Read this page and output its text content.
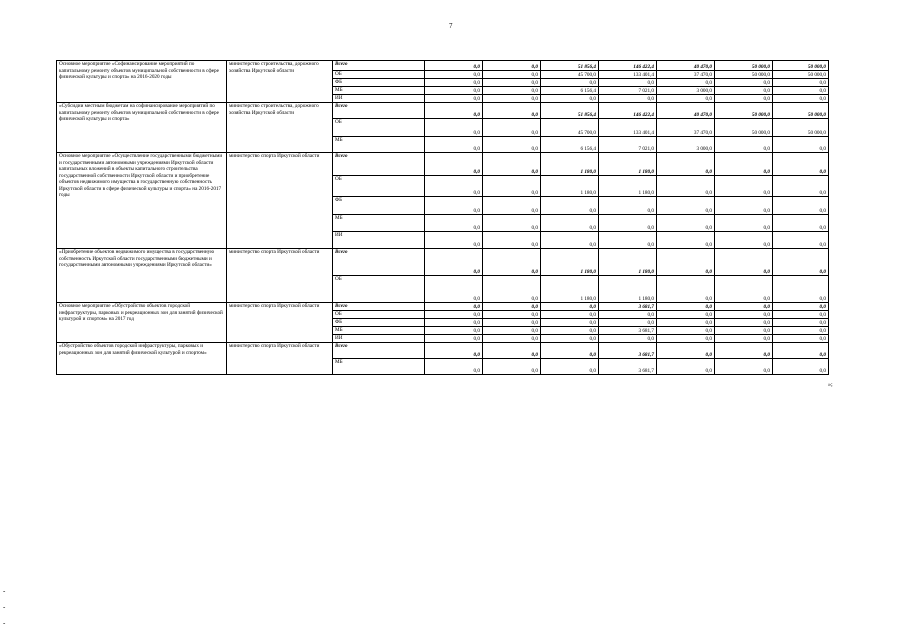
7
-
-
-
Основное мероприятие «Софинансирование мероприятий по капитальному ремонту объектов муниципальной собственности в сфере физической культуры и спорта» на 2016-2020 годы	министерство строительства, дорожного хозяйства Иркутской области	Всего	0,0	0,0	51 856,4	146 422,4	40 470,0	50 000,0	50 000,0
		ОБ	0,0	0,0	45 700,0	133 401,4	37 470,0	50 000,0	50 000,0
		ФБ	0,0	0,0	0,0	0,0	0,0	0,0	0,0
		МБ	0,0	0,0	6 156,4	7 021,0	3 000,0	0,0	0,0
		ИИ	0,0	0,0	0,0	0,0	0,0	0,0	0,0
«Субсидии местным бюджетам на софинансирование мероприятий по капитальному ремонту объектов муниципальной собственности в сфере физической культуры и спорта»	министерство строительства, дорожного хозяйства Иркутской области	Всего	0,0	0,0	51 856,4	146 422,4	40 470,0	50 000,0	50 000,0
		ОБ	0,0	0,0	45 700,0	133 401,4	37 470,0	50 000,0	50 000,0
		МБ	0,0	0,0	6 156,4	7 021,0	3 000,0	0,0	0,0
Основное мероприятие «Осуществление государственными бюджетными и государственными автономными учреждениями Иркутской области капитальных вложений в объекты капитального строительства государственной собственности Иркутской области и приобретение объектов недвижимого имущества в государственную собственность Иркутской области в сфере физической культуры и спорта» на 2016-2017 годы	министерство спорта Иркутской области	Всего	0,0	0,0	1 180,0	1 180,0	0,0	0,0	0,0
		ОБ	0,0	0,0	1 180,0	1 180,0	0,0	0,0	0,0
		ФБ	0,0	0,0	0,0	0,0	0,0	0,0	0,0
		МБ	0,0	0,0	0,0	0,0	0,0	0,0	0,0
		ИИ	0,0	0,0	0,0	0,0	0,0	0,0	0,0
«Приобретение объектов недвижимого имущества в государственную собственность Иркутской области государственными бюджетными и государственными автономными учреждениями Иркутской области»	министерство спорта Иркутской области	Всего	0,0	0,0	1 180,0	1 180,0	0,0	0,0	0,0
		ОБ	0,0	0,0	1 180,0	1 180,0	0,0	0,0	0,0
Основное мероприятие «Обустройство объектов городской инфраструктуры, парковых и рекреационных зон для занятий физической культурой и спортом» на 2017 год	министерство спорта Иркутской области	Всего	0,0	0,0	0,0	3 681,7	0,0	0,0	0,0
		ОБ	0,0	0,0	0,0	0,0	0,0	0,0	0,0
		ФБ	0,0	0,0	0,0	0,0	0,0	0,0	0,0
		МБ	0,0	0,0	0,0	3 681,7	0,0	0,0	0,0
		ИИ	0,0	0,0	0,0	0,0	0,0	0,0	0,0
«Обустройство объектов городской инфраструктуры, парковых и рекреационных зон для занятий физической культурой и спортом»	министерство спорта Иркутской области	Всего	0,0	0,0	0,0	3 681,7	0,0	0,0	0,0
		МБ	0,0	0,0	0,0	3 681,7	0,0	0,0	0,0
»;
